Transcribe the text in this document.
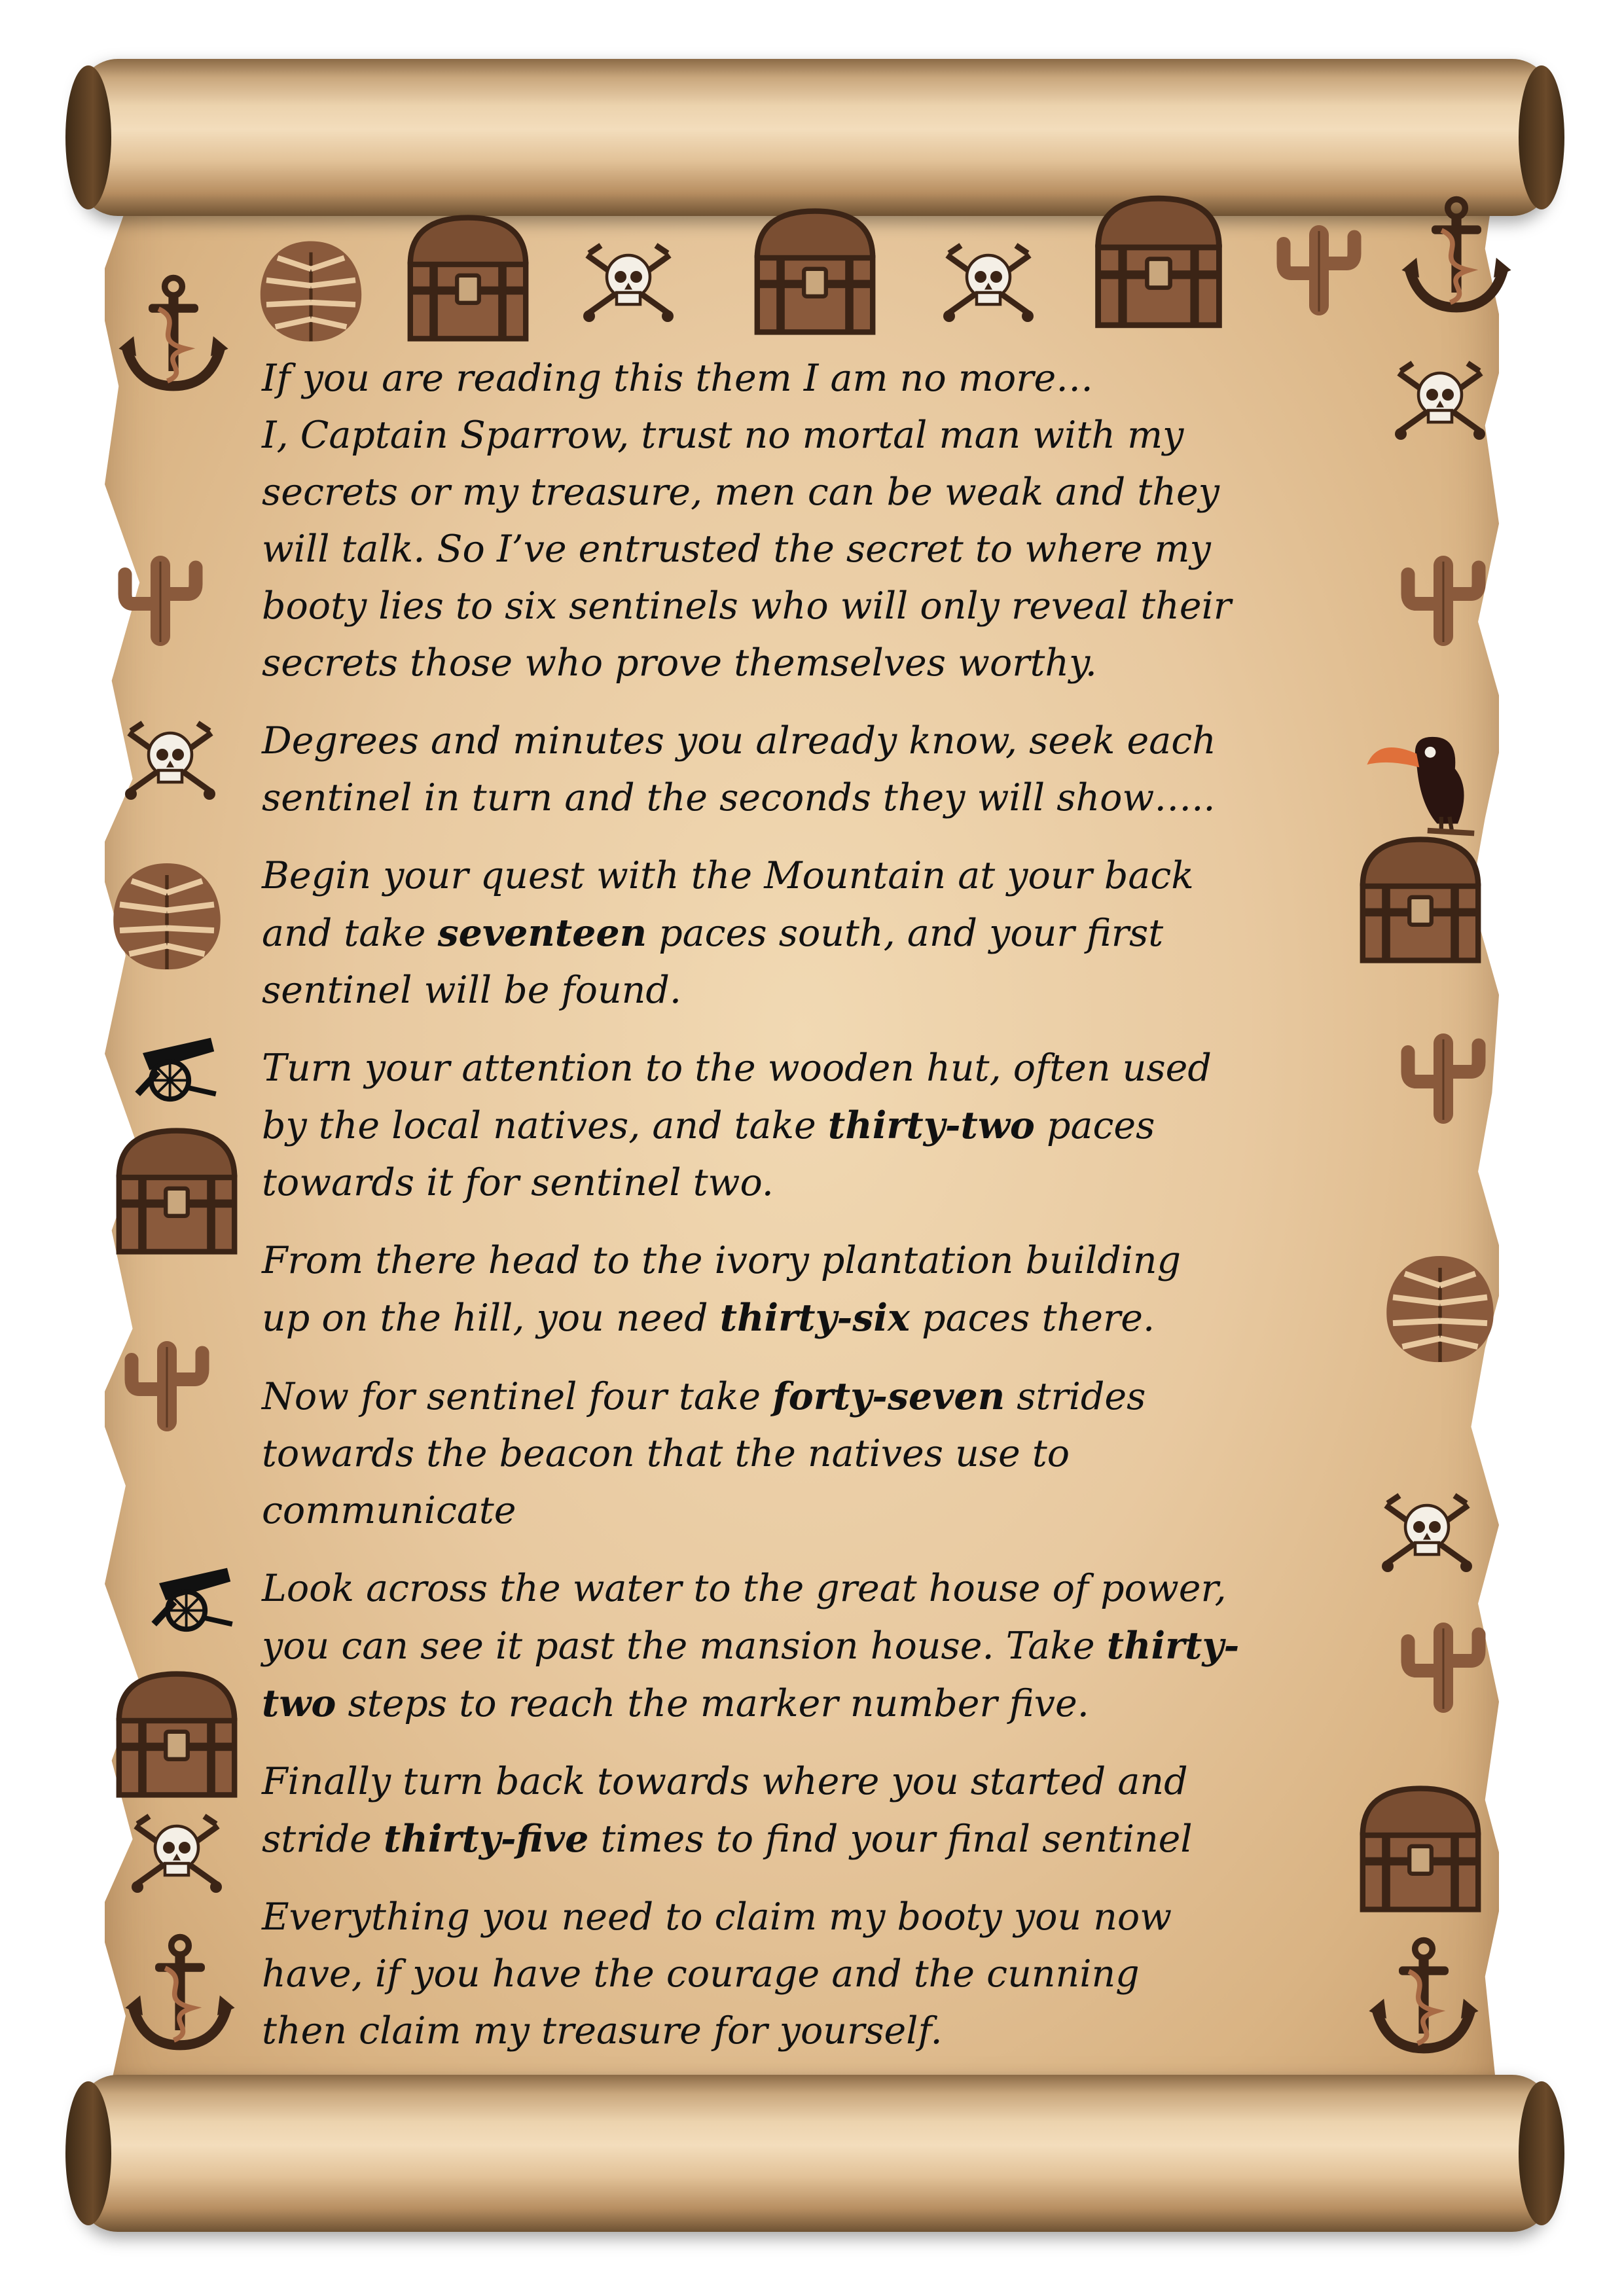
If you are reading this them I am no more…
I, Captain Sparrow, trust no mortal man with my
secrets or my treasure, men can be weak and they
will talk. So I’ve entrusted the secret to where my
booty lies to six sentinels who will only reveal their
secrets those who prove themselves worthy.
Degrees and minutes you already know, seek each
sentinel in turn and the seconds they will show…..
Begin your quest with the Mountain at your back
and take seventeen paces south, and your first
sentinel will be found.
Turn your attention to the wooden hut, often used
by the local natives, and take thirty-two paces
towards it for sentinel two.
From there head to the ivory plantation building
up on the hill, you need thirty-six paces there.
Now for sentinel four take forty-seven strides
towards the beacon that the natives use to
communicate
Look across the water to the great house of power,
you can see it past the mansion house. Take thirty-
two steps to reach the marker number five.
Finally turn back towards where you started and
stride thirty-five times to find your final sentinel
Everything you need to claim my booty you now
have, if you have the courage and the cunning
then claim my treasure for yourself.
